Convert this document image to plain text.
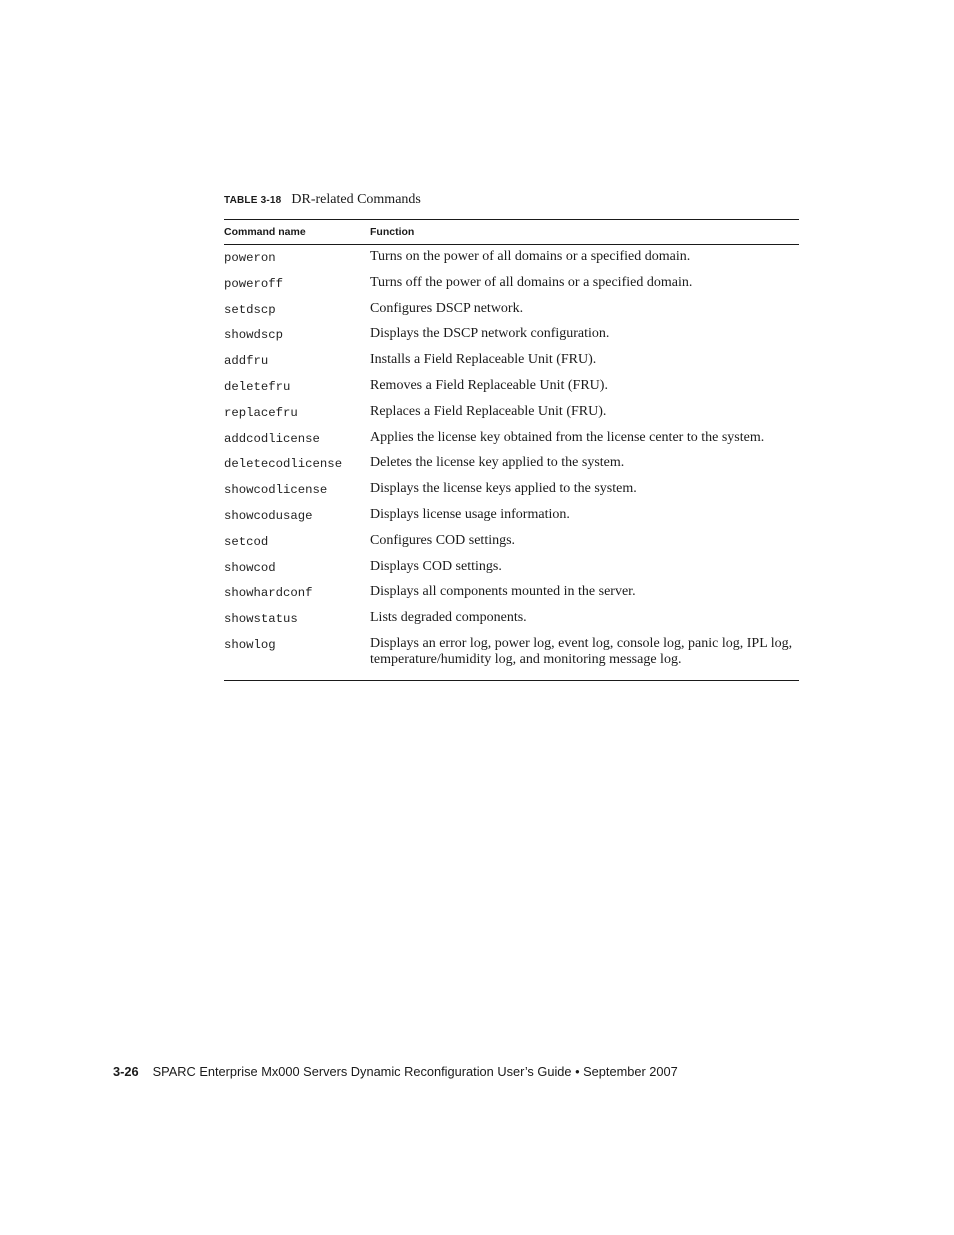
TABLE 3-18 DR-related Commands
Command name	Function
poweron	Turns on the power of all domains or a specified domain.
poweroff	Turns off the power of all domains or a specified domain.
setdscp	Configures DSCP network.
showdscp	Displays the DSCP network configuration.
addfru	Installs a Field Replaceable Unit (FRU).
deletefru	Removes a Field Replaceable Unit (FRU).
replacefru	Replaces a Field Replaceable Unit (FRU).
addcodlicense	Applies the license key obtained from the license center to the system.
deletecodlicense	Deletes the license key applied to the system.
showcodlicense	Displays the license keys applied to the system.
showcodusage	Displays license usage information.
setcod	Configures COD settings.
showcod	Displays COD settings.
showhardconf	Displays all components mounted in the server.
showstatus	Lists degraded components.
showlog	Displays an error log, power log, event log, console log, panic log, IPL log, temperature/humidity log, and monitoring message log.
3-26 SPARC Enterprise Mx000 Servers Dynamic Reconfiguration User’s Guide • September 2007
